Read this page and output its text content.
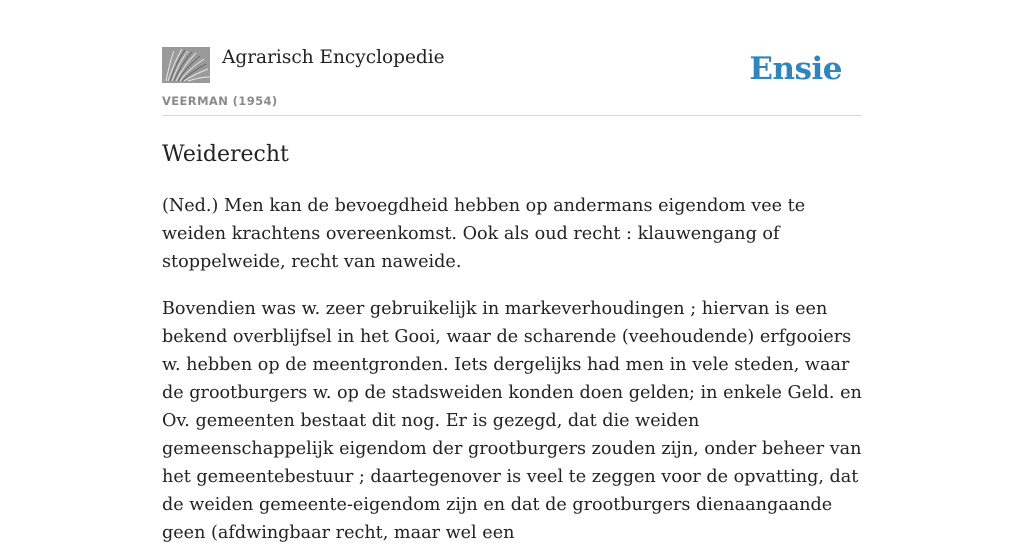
Agrarisch Encyclopedie
VEERMAN (1954)
Ensie
Weiderecht

(Ned.) Men kan de bevoegdheid hebben op andermans eigendom vee te weiden krachtens overeenkomst. Ook als oud recht : klauwengang of stoppelweide, recht van naweide.

Bovendien was w. zeer gebruikelijk in markeverhoudingen ; hiervan is een bekend overblijfsel in het Gooi, waar de scharende (veehoudende) erfgooiers w. hebben op de meentgronden. Iets dergelijks had men in vele steden, waar de grootburgers w. op de stadsweiden konden doen gelden; in enkele Geld. en Ov. gemeenten bestaat dit nog. Er is gezegd, dat die weiden gemeenschappelijk eigendom der grootburgers zouden zijn, onder beheer van het gemeentebestuur ; daartegenover is veel te zeggen voor de opvatting, dat de weiden gemeente-eigendom zijn en dat de grootburgers dienaangaande geen (afdwingbaar recht, maar wel een
